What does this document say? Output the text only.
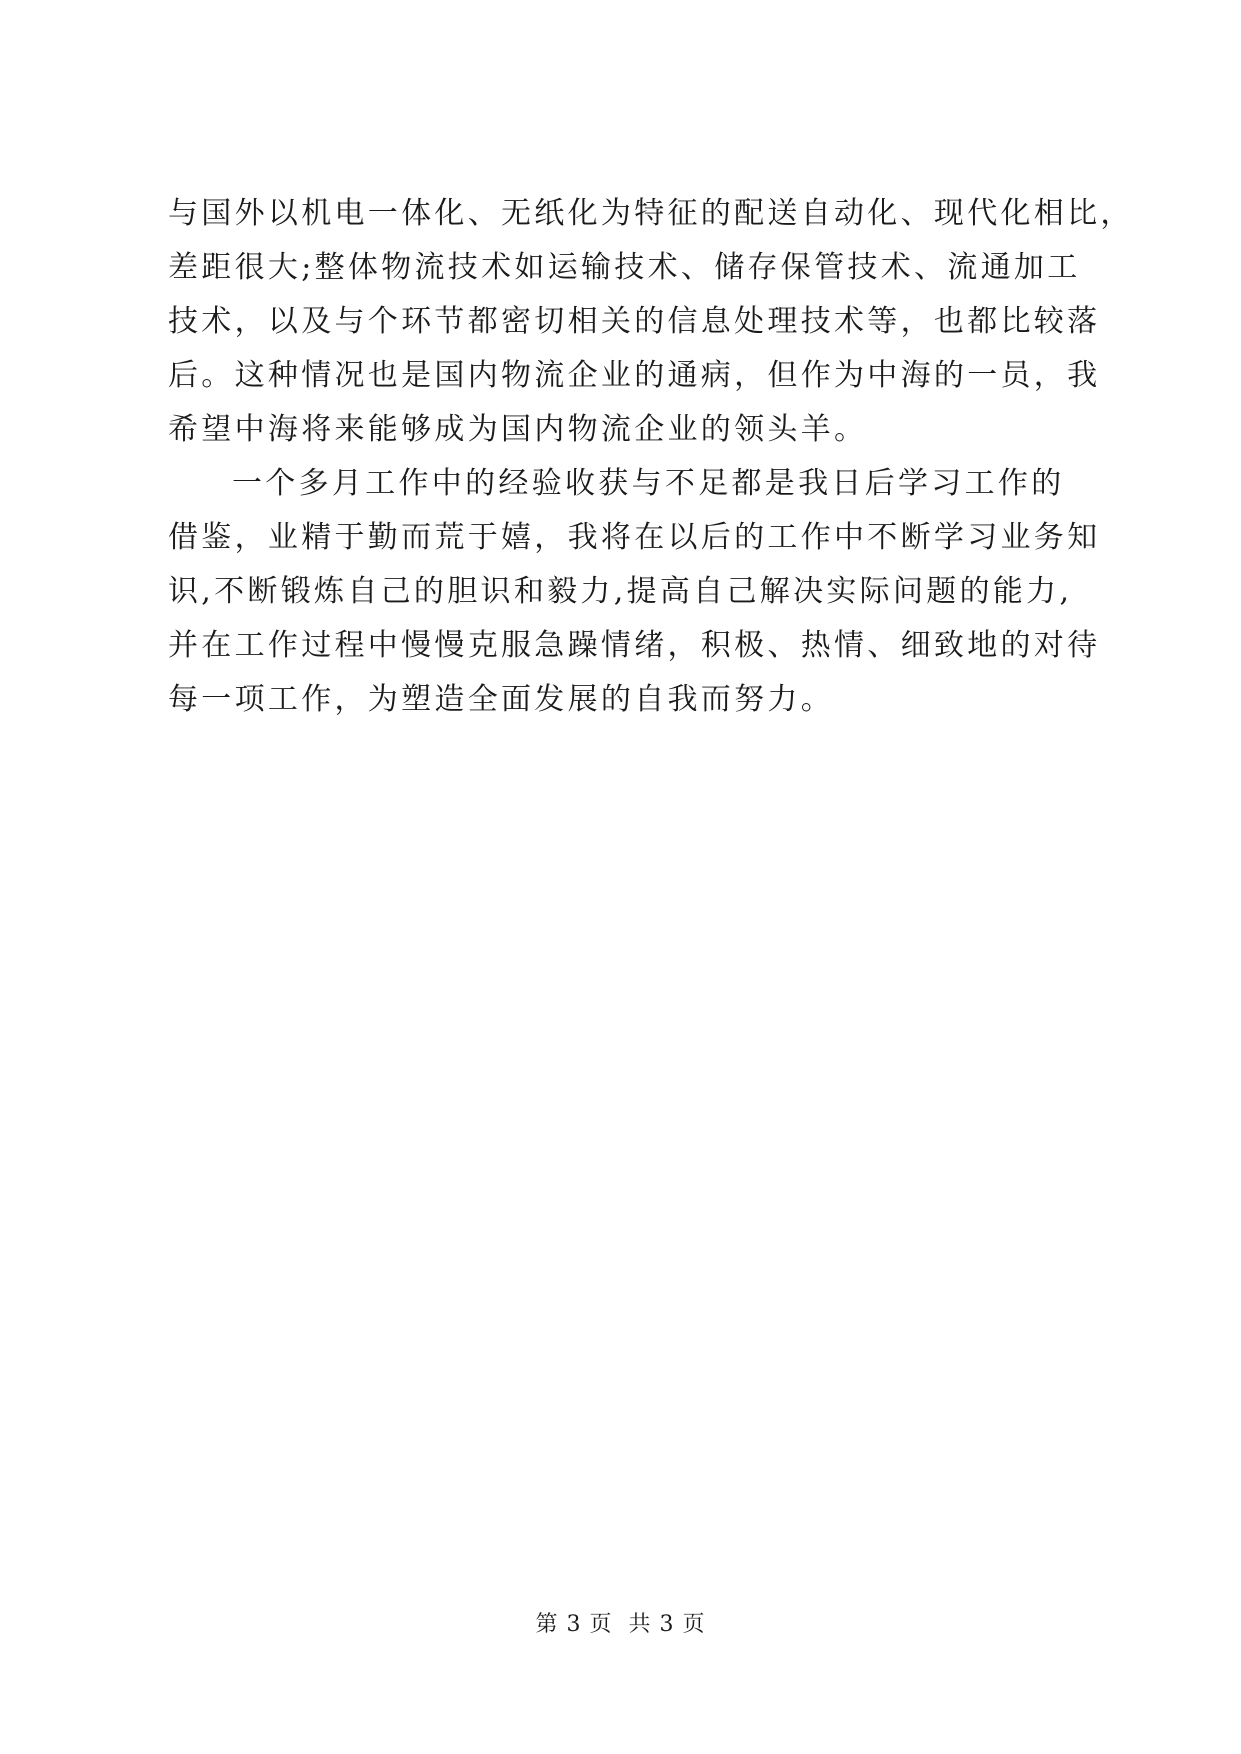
与国外以机电一体化、无纸化为特征的配送自动化、现代化相比，
差距很大;整体物流技术如运输技术、储存保管技术、流通加工
技术，以及与个环节都密切相关的信息处理技术等，也都比较落
后。这种情况也是国内物流企业的通病，但作为中海的一员，我
希望中海将来能够成为国内物流企业的领头羊。
一个多月工作中的经验收获与不足都是我日后学习工作的
借鉴，业精于勤而荒于嬉，我将在以后的工作中不断学习业务知
识,不断锻炼自己的胆识和毅力,提高自己解决实际问题的能力,
并在工作过程中慢慢克服急躁情绪，积极、热情、细致地的对待
每一项工作，为塑造全面发展的自我而努力。
第 3 页  共 3 页
